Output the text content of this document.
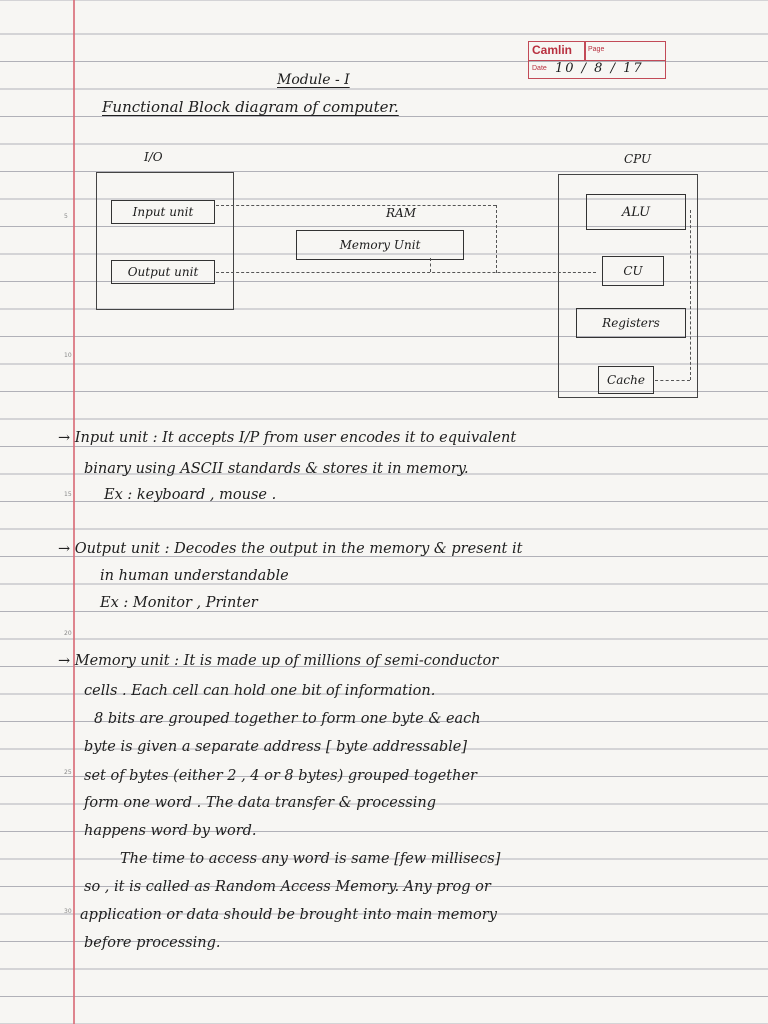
5
10
15
20
25
30
Camlin Page
Date 10 / 8 / 17
Module - I
Functional Block diagram of computer.
I/O	CPU
RAM
Input unit
Output unit
Memory Unit
ALU
CU
Registers
Cache
→ Input unit : It accepts I/P from user encodes it to equivalent
binary using ASCII standards & stores it in memory.
Ex : keyboard , mouse .
→ Output unit : Decodes the output in the memory & present it
in human understandable
Ex : Monitor , Printer
→ Memory unit : It is made up of millions of semi-conductor
cells . Each cell can hold one bit of information.
8 bits are grouped together to form one byte & each
byte is given a separate address [ byte addressable]
set of bytes (either 2 , 4 or 8 bytes) grouped together
form one word . The data transfer & processing
happens word by word.
The time to access any word is same [few millisecs]
so , it is called as Random Access Memory. Any prog or
application or data should be brought into main memory
before processing.
